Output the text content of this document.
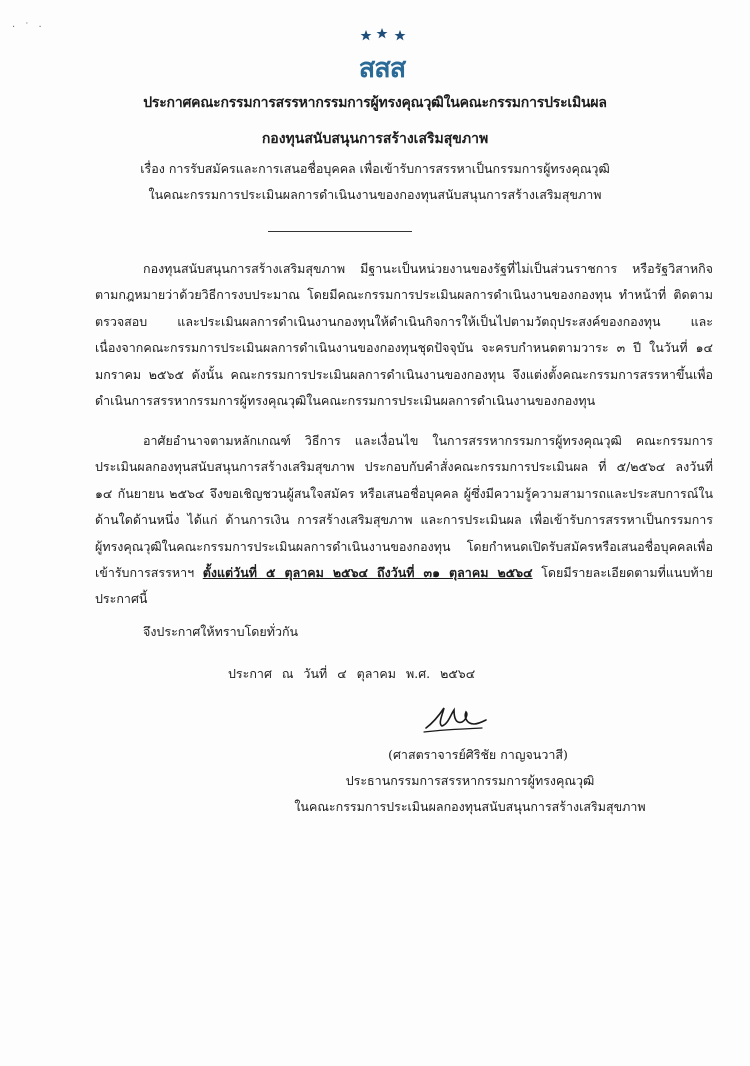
· ˙ ·
สสส
ประกาศคณะกรรมการสรรหากรรมการผู้ทรงคุณวุฒิในคณะกรรมการประเมินผล
กองทุนสนับสนุนการสร้างเสริมสุขภาพ
เรื่อง การรับสมัครและการเสนอชื่อบุคคล เพื่อเข้ารับการสรรหาเป็นกรรมการผู้ทรงคุณวุฒิ
ในคณะกรรมการประเมินผลการดำเนินงานของกองทุนสนับสนุนการสร้างเสริมสุขภาพ
กองทุนสนับสนุนการสร้างเสริมสุขภาพ มีฐานะเป็นหน่วยงานของรัฐที่ไม่เป็นส่วนราชการ หรือรัฐวิสาหกิจ
ตามกฎหมายว่าด้วยวิธีการงบประมาณ โดยมีคณะกรรมการประเมินผลการดำเนินงานของกองทุน ทำหน้าที่ ติดตาม
ตรวจสอบ และประเมินผลการดำเนินงานกองทุนให้ดำเนินกิจการให้เป็นไปตามวัตถุประสงค์ของกองทุน และ
เนื่องจากคณะกรรมการประเมินผลการดำเนินงานของกองทุนชุดปัจจุบัน จะครบกำหนดตามวาระ ๓ ปี ในวันที่ ๑๔
มกราคม ๒๕๖๕ ดังนั้น คณะกรรมการประเมินผลการดำเนินงานของกองทุน จึงแต่งตั้งคณะกรรมการสรรหาขึ้นเพื่อ
ดำเนินการสรรหากรรมการผู้ทรงคุณวุฒิในคณะกรรมการประเมินผลการดำเนินงานของกองทุน
อาศัยอำนาจตามหลักเกณฑ์ วิธีการ และเงื่อนไข ในการสรรหากรรมการผู้ทรงคุณวุฒิ คณะกรรมการ
ประเมินผลกองทุนสนับสนุนการสร้างเสริมสุขภาพ ประกอบกับคำสั่งคณะกรรมการประเมินผล ที่ ๕/๒๕๖๔ ลงวันที่
๑๔ กันยายน ๒๕๖๔ จึงขอเชิญชวนผู้สนใจสมัคร หรือเสนอชื่อบุคคล ผู้ซึ่งมีความรู้ความสามารถและประสบการณ์ใน
ด้านใดด้านหนึ่ง ได้แก่ ด้านการเงิน การสร้างเสริมสุขภาพ และการประเมินผล เพื่อเข้ารับการสรรหาเป็นกรรมการ
ผู้ทรงคุณวุฒิในคณะกรรมการประเมินผลการดำเนินงานของกองทุน โดยกำหนดเปิดรับสมัครหรือเสนอชื่อบุคคลเพื่อ
เข้ารับการสรรหาฯ ตั้งแต่วันที่ ๕ ตุลาคม ๒๕๖๔ ถึงวันที่ ๓๑ ตุลาคม ๒๕๖๔ โดยมีรายละเอียดตามที่แนบท้าย
ประกาศนี้
จึงประกาศให้ทราบโดยทั่วกัน
ประกาศ ณ วันที่ ๔ ตุลาคม พ.ศ. ๒๕๖๔
(ศาสตราจารย์ศิริชัย กาญจนวาสี)
ประธานกรรมการสรรหากรรมการผู้ทรงคุณวุฒิ
ในคณะกรรมการประเมินผลกองทุนสนับสนุนการสร้างเสริมสุขภาพ
